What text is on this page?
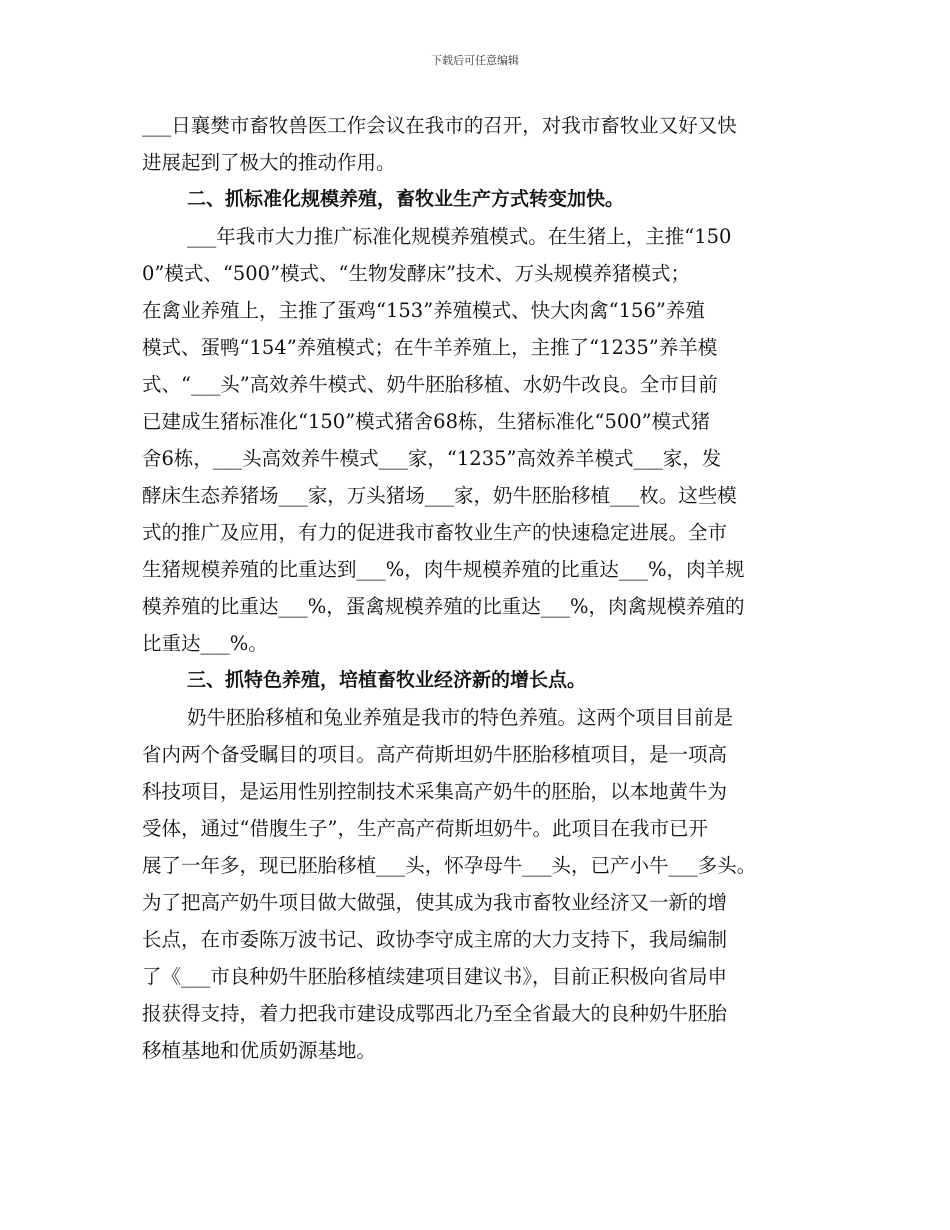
下载后可任意编辑
___日襄樊市畜牧兽医工作会议在我市的召开，对我市畜牧业又好又快
进展起到了极大的推动作用。
二、抓标准化规模养殖，畜牧业生产方式转变加快。
___年我市大力推广标准化规模养殖模式。在生猪上，主推“150
0”模式、“500”模式、“生物发酵床”技术、万头规模养猪模式；
在禽业养殖上，主推了蛋鸡“153”养殖模式、快大肉禽“156”养殖
模式、蛋鸭“154”养殖模式；在牛羊养殖上，主推了“1235”养羊模
式、“___头”高效养牛模式、奶牛胚胎移植、水奶牛改良。全市目前
已建成生猪标准化“150”模式猪舍68栋，生猪标准化“500”模式猪
舍6栋，___头高效养牛模式___家，“1235”高效养羊模式___家，发
酵床生态养猪场___家，万头猪场___家，奶牛胚胎移植___枚。这些模
式的推广及应用，有力的促进我市畜牧业生产的快速稳定进展。全市
生猪规模养殖的比重达到___%，肉牛规模养殖的比重达___%，肉羊规
模养殖的比重达___%，蛋禽规模养殖的比重达___%，肉禽规模养殖的
比重达___%。
三、抓特色养殖，培植畜牧业经济新的增长点。
奶牛胚胎移植和兔业养殖是我市的特色养殖。这两个项目目前是
省内两个备受瞩目的项目。高产荷斯坦奶牛胚胎移植项目，是一项高
科技项目，是运用性别控制技术采集高产奶牛的胚胎，以本地黄牛为
受体，通过“借腹生子”，生产高产荷斯坦奶牛。此项目在我市已开
展了一年多，现已胚胎移植___头，怀孕母牛___头，已产小牛___多头。
为了把高产奶牛项目做大做强，使其成为我市畜牧业经济又一新的增
长点，在市委陈万波书记、政协李守成主席的大力支持下，我局编制
了《___市良种奶牛胚胎移植续建项目建议书》，目前正积极向省局申
报获得支持，着力把我市建设成鄂西北乃至全省最大的良种奶牛胚胎
移植基地和优质奶源基地。
